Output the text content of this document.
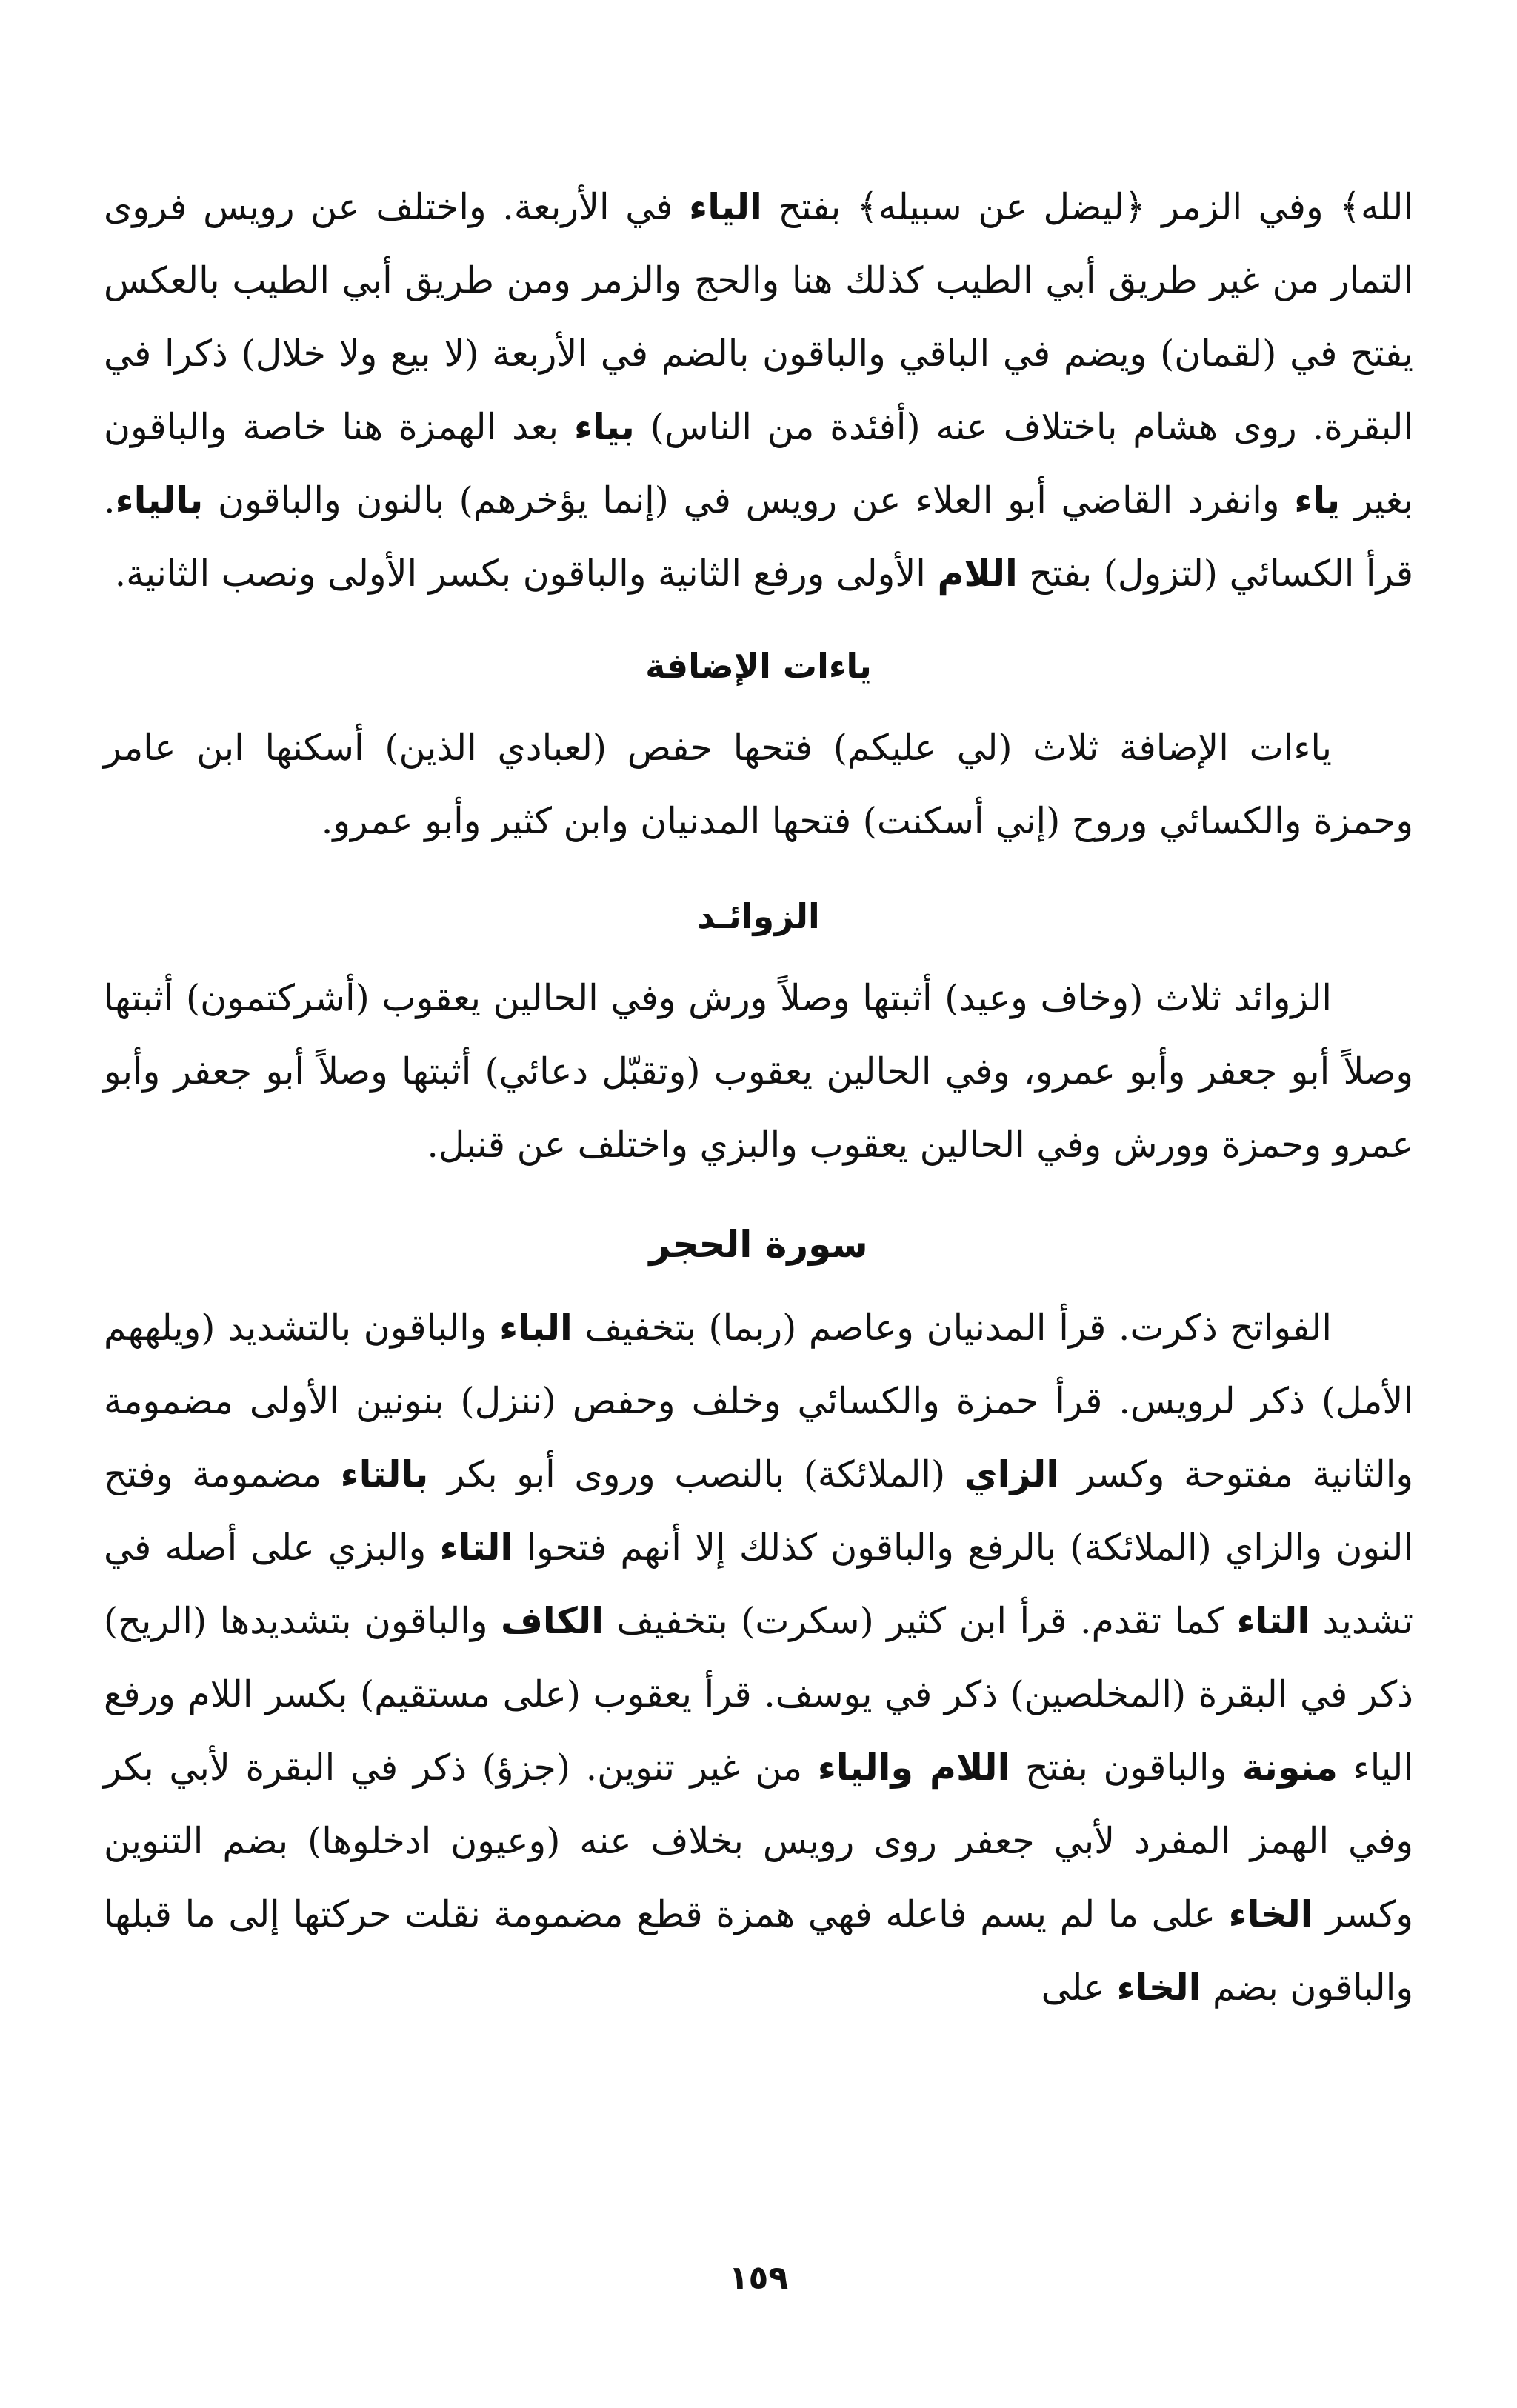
الله﴾ وفي الزمر ﴿ليضل عن سبيله﴾ بفتح الياء في الأربعة. واختلف عن رويس فروى التمار من غير طريق أبي الطيب كذلك هنا والحج والزمر ومن طريق أبي الطيب بالعكس يفتح في (لقمان) ويضم في الباقي والباقون بالضم في الأربعة (لا بيع ولا خلال) ذكرا في البقرة. روى هشام باختلاف عنه (أفئدة من الناس) بياء بعد الهمزة هنا خاصة والباقون بغير ياء وانفرد القاضي أبو العلاء عن رويس في (إنما يؤخرهم) بالنون والباقون بالياء. قرأ الكسائي (لتزول) بفتح اللام الأولى ورفع الثانية والباقون بكسر الأولى ونصب الثانية.

ياءات الإضافة

ياءات الإضافة ثلاث (لي عليكم) فتحها حفص (لعبادي الذين) أسكنها ابن عامر وحمزة والكسائي وروح (إني أسكنت) فتحها المدنيان وابن كثير وأبو عمرو.

الزوائـد

الزوائد ثلاث (وخاف وعيد) أثبتها وصلاً ورش وفي الحالين يعقوب (أشركتمون) أثبتها وصلاً أبو جعفر وأبو عمرو، وفي الحالين يعقوب (وتقبّل دعائي) أثبتها وصلاً أبو جعفر وأبو عمرو وحمزة وورش وفي الحالين يعقوب والبزي واختلف عن قنبل.

سورة الحجر

الفواتح ذكرت. قرأ المدنيان وعاصم (ربما) بتخفيف الباء والباقون بالتشديد (ويلههم الأمل) ذكر لرويس. قرأ حمزة والكسائي وخلف وحفص (ننزل) بنونين الأولى مضمومة والثانية مفتوحة وكسر الزاي (الملائكة) بالنصب وروى أبو بكر بالتاء مضمومة وفتح النون والزاي (الملائكة) بالرفع والباقون كذلك إلا أنهم فتحوا التاء والبزي على أصله في تشديد التاء كما تقدم. قرأ ابن كثير (سكرت) بتخفيف الكاف والباقون بتشديدها (الريح) ذكر في البقرة (المخلصين) ذكر في يوسف. قرأ يعقوب (على مستقيم) بكسر اللام ورفع الياء منونة والباقون بفتح اللام والياء من غير تنوين. (جزؤ) ذكر في البقرة لأبي بكر وفي الهمز المفرد لأبي جعفر روى رويس بخلاف عنه (وعيون ادخلوها) بضم التنوين وكسر الخاء على ما لم يسم فاعله فهي همزة قطع مضمومة نقلت حركتها إلى ما قبلها والباقون بضم الخاء على

١٥٩
